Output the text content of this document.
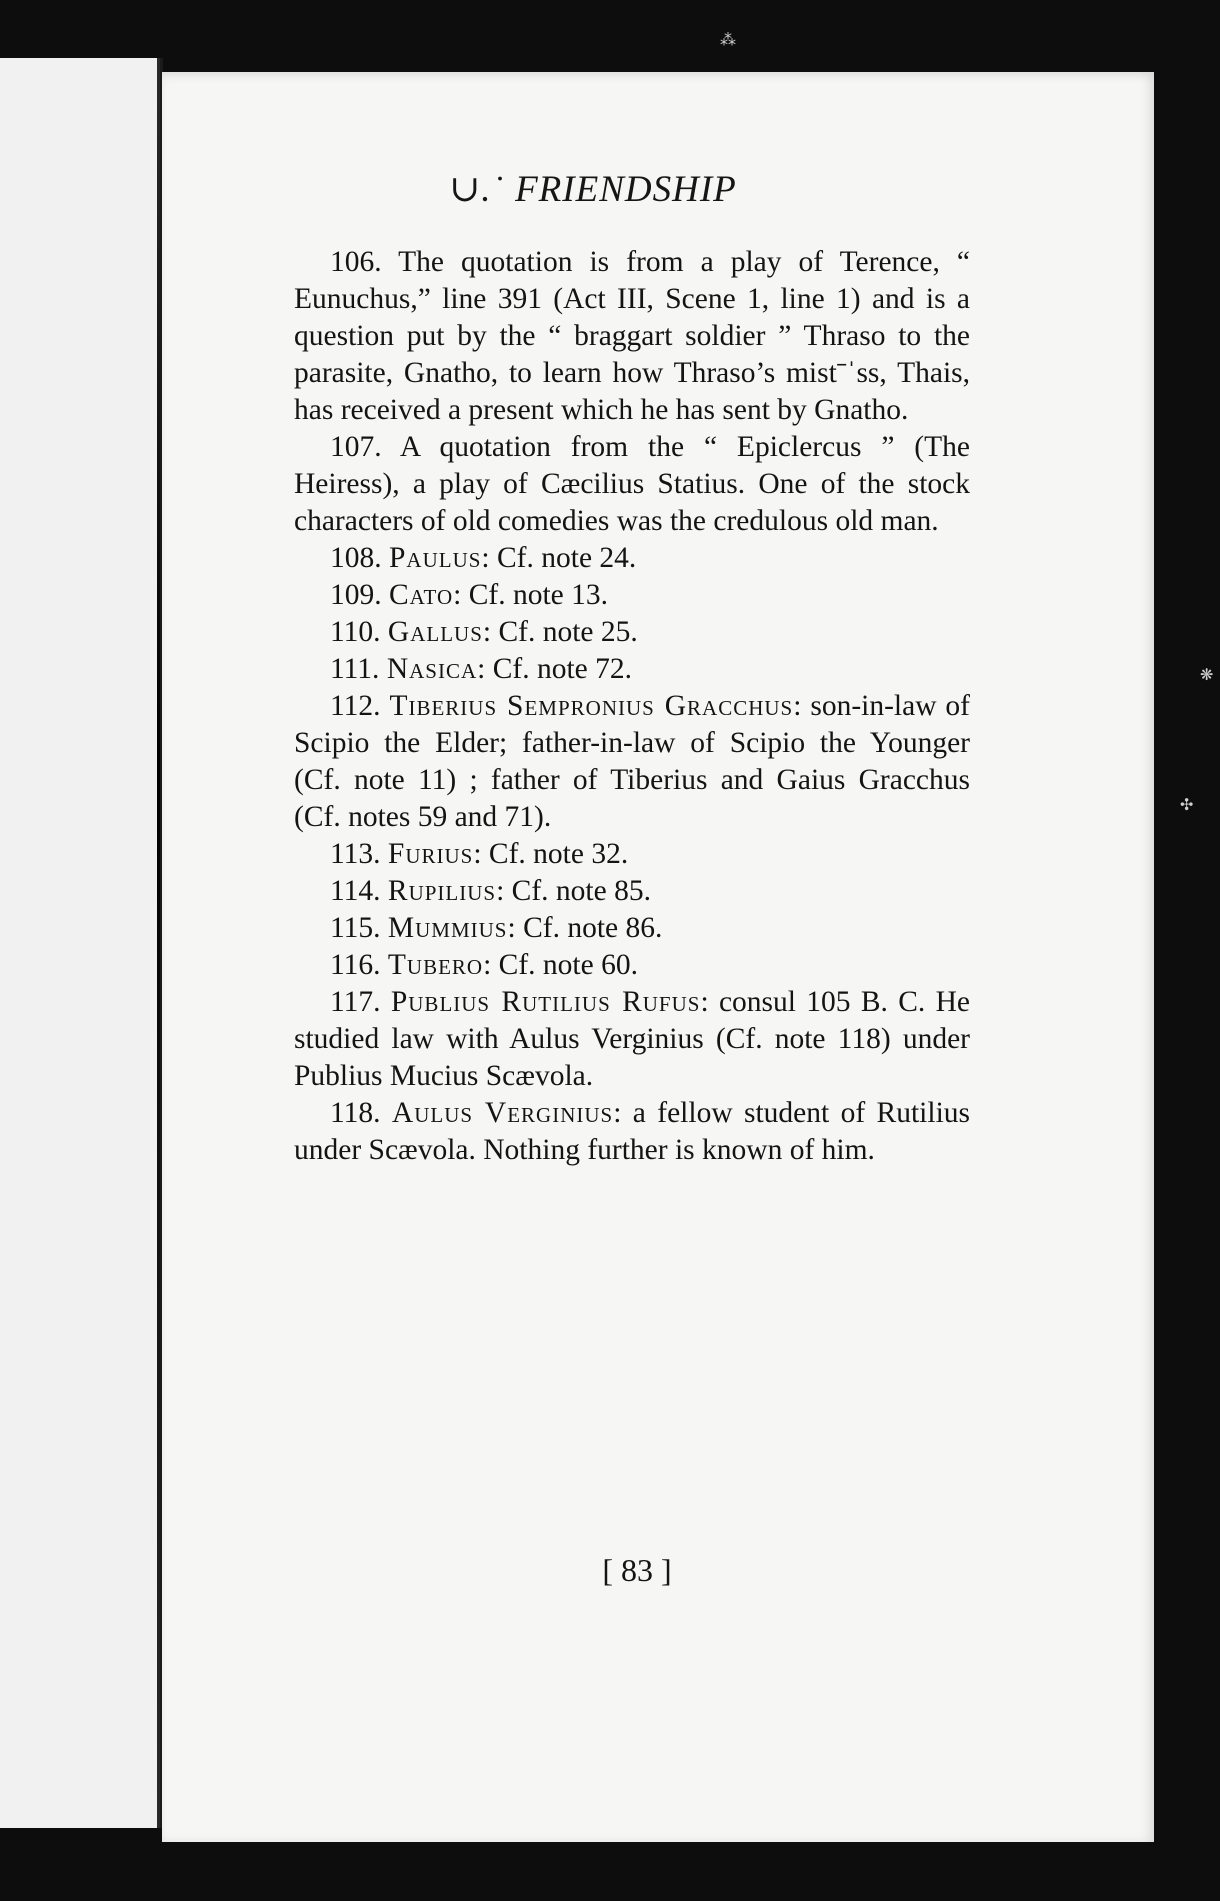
⁂
❋
✣
∪.˙ FRIENDSHIP

106. The quotation is from a play of Terence, “ Eunuchus,” line 391 (Act III, Scene 1, line 1) and is a question put by the “ braggart soldier ” Thraso to the parasite, Gnatho, to learn how Thraso’s mistˉˈss, Thais, has received a present which he has sent by Gnatho.

107. A quotation from the “ Epiclercus ” (The Heiress), a play of Cæcilius Statius. One of the stock characters of old comedies was the credulous old man.

108. Paulus: Cf. note 24.

109. Cato: Cf. note 13.

110. Gallus: Cf. note 25.

111. Nasica: Cf. note 72.

112. Tiberius Sempronius Gracchus: son-in-law of Scipio the Elder; father-in-law of Scipio the Younger (Cf. note 11) ; father of Tiberius and Gaius Gracchus (Cf. notes 59 and 71).

113. Furius: Cf. note 32.

114. Rupilius: Cf. note 85.

115. Mummius: Cf. note 86.

116. Tubero: Cf. note 60.

117. Publius Rutilius Rufus: consul 105 B. C. He studied law with Aulus Verginius (Cf. note 118) under Publius Mucius Scævola.

118. Aulus Verginius: a fellow student of Rutilius under Scævola. Nothing further is known of him.

[ 83 ]
